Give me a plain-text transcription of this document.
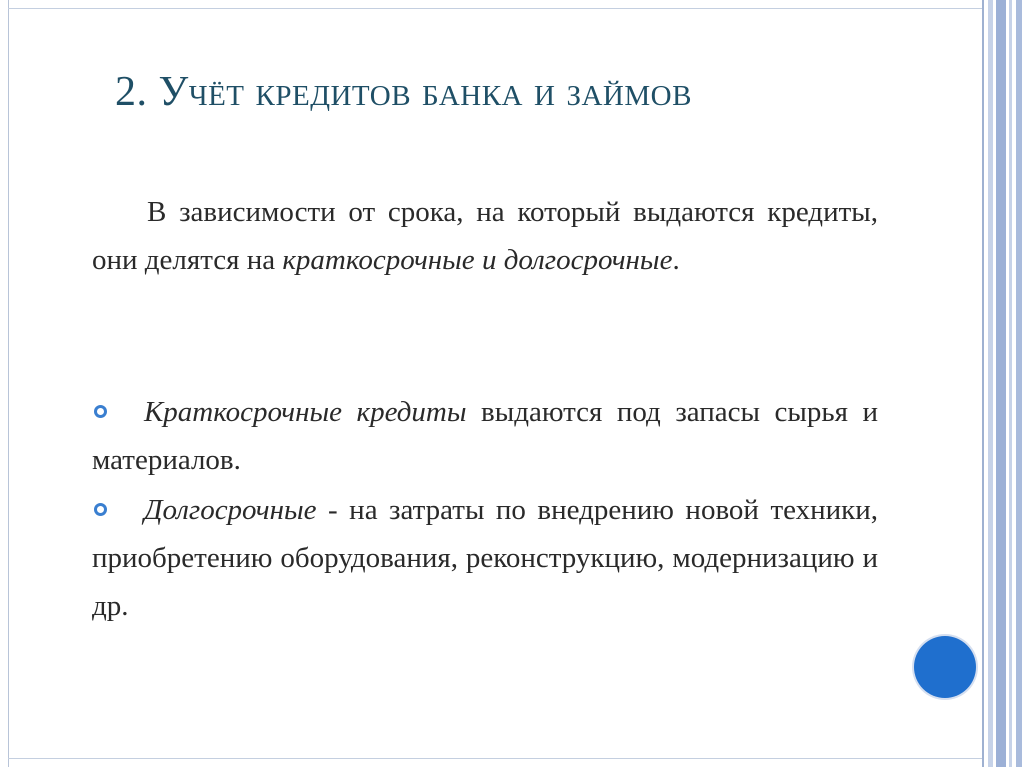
2. Учёт кредитов банка и займов
В зависимости от срока, на который выдаются кредиты, они делятся на краткосрочные и долгосрочные.
Краткосрочные кредиты выдаются под запасы сырья и материалов.
Долгосрочные - на затраты по внедрению новой техники, приобретению оборудования, реконструкцию, модернизацию и др.
